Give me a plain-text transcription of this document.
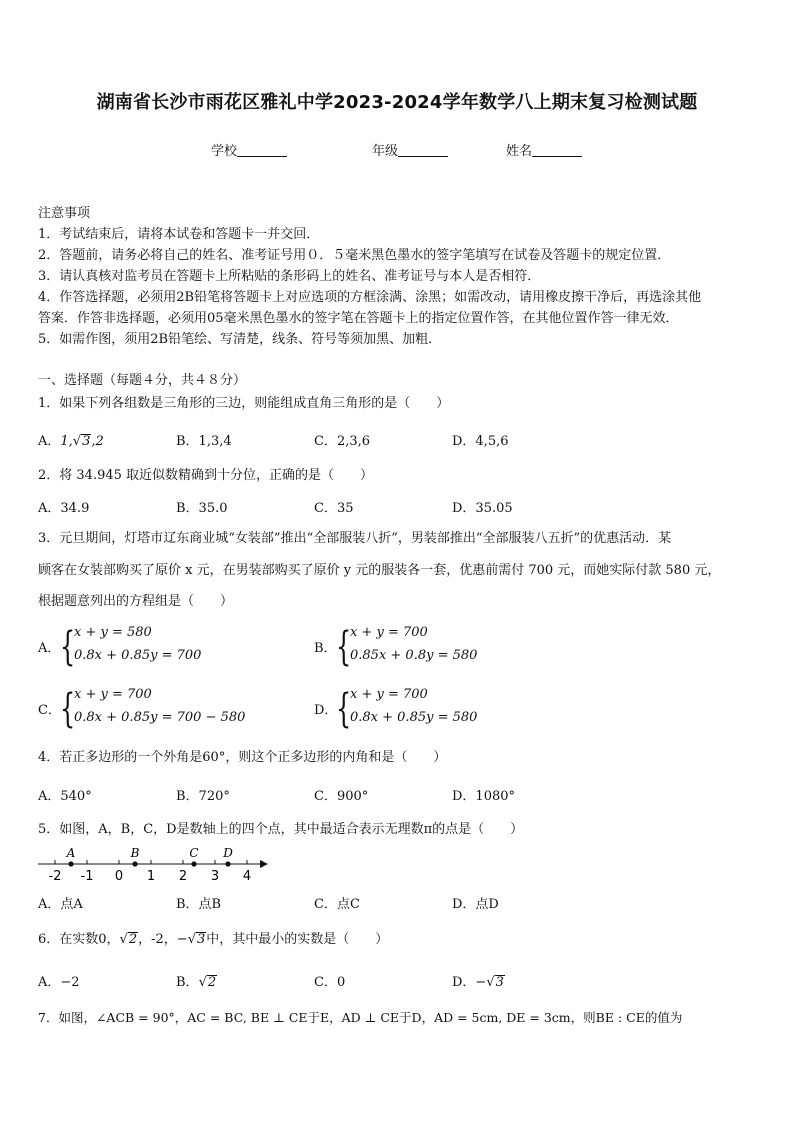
湖南省长沙市雨花区雅礼中学2023-2024学年数学八上期末复习检测试题
学校	年级	姓名
注意事项
1．考试结束后，请将本试卷和答题卡一并交回．
2．答题前，请务必将自己的姓名、准考证号用０．５毫米黑色墨水的签字笔填写在试卷及答题卡的规定位置．
3．请认真核对监考员在答题卡上所粘贴的条形码上的姓名、准考证号与本人是否相符．
4．作答选择题，必须用2B铅笔将答题卡上对应选项的方框涂满、涂黑；如需改动，请用橡皮擦干净后，再选涂其他
答案．作答非选择题，必须用05毫米黑色墨水的签字笔在答题卡上的指定位置作答，在其他位置作答一律无效．
5．如需作图，须用2B铅笔绘、写清楚，线条、符号等须加黑、加粗．
一、选择题（每题４分，共４８分）
1．如果下列各组数是三角形的三边，则能组成直角三角形的是（　　）
A．1,√3,2	B．1,3,4	C．2,3,6	D．4,5,6
2．将 34.945 取近似数精确到十分位，正确的是（　　）
A．34.9	B．35.0	C．35	D．35.05
3．元旦期间，灯塔市辽东商业城“女装部”推出“全部服装八折”，男装部推出“全部服装八五折”的优惠活动．某
顾客在女装部购买了原价 x 元，在男装部购买了原价 y 元的服装各一套，优惠前需付 700 元，而她实际付款 580 元，
根据题意列出的方程组是（　　）
A． {
x + y = 580
0.8x + 0.85y = 700	B． {
x + y = 700
0.85x + 0.8y = 580
C． {
x + y = 700
0.8x + 0.85y = 700 − 580	D．
{
x + y = 700
0.8x + 0.85y = 580
4．若正多边形的一个外角是60°，则这个正多边形的内角和是（　　）
A．540°	B．720°	C．900°	D．1080°
5．如图，A，B，C，D是数轴上的四个点，其中最适合表示无理数π的点是（　　）
-2 -1 0 1 2 3 4
A	B	C D
A．点A	B．点B	C．点C	D．点D
6．在实数0，√2，-2，−√3中，其中最小的实数是（　　）
A．−2	B．√2	C．0	D．−√3
7．如图，∠ACB = 90°，AC = BC, BE ⊥ CE于E，AD ⊥ CE于D，AD = 5cm, DE = 3cm，则BE : CE的值为
